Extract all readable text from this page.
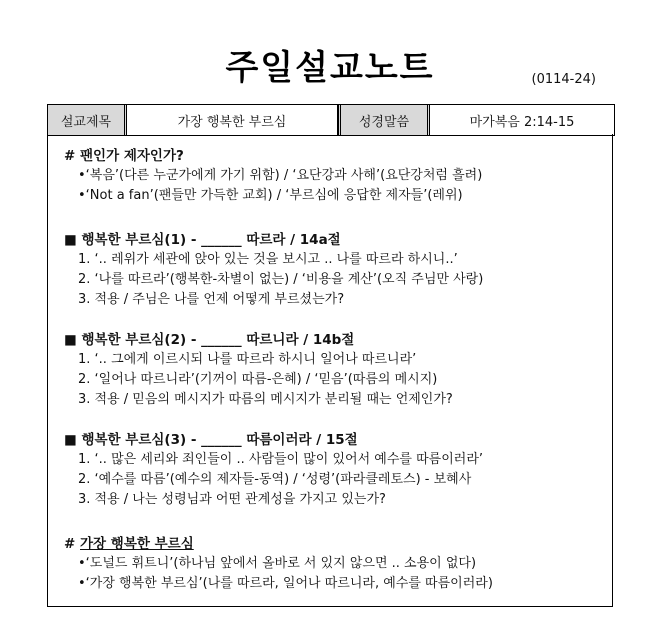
주일설교노트	(0114-24)
설교제목	가장 행복한 부르심	성경말씀	마가복음 2:14-15
# 팬인가 제자인가?
•‘복음’(다른 누군가에게 가기 위함) / ‘요단강과 사해’(요단강처럼 흘려)
•‘Not a fan’(팬들만 가득한 교회) / ‘부르심에 응답한 제자들’(레위)
■ 행복한 부르심(1) - ______ 따르라 / 14a절
1. ‘.. 레위가 세관에 앉아 있는 것을 보시고 .. 나를 따르라 하시니..’
2. ‘나를 따르라’(행복한-차별이 없는) / ‘비용을 계산’(오직 주님만 사랑)
3. 적용 / 주님은 나를 언제 어떻게 부르셨는가?
■ 행복한 부르심(2) - ______ 따르니라 / 14b절
1. ‘.. 그에게 이르시되 나를 따르라 하시니 일어나 따르니라’
2. ‘일어나 따르니라’(기꺼이 따름-은혜) / ‘믿음’(따름의 메시지)
3. 적용 / 믿음의 메시지가 따름의 메시지가 분리될 때는 언제인가?
■ 행복한 부르심(3) - ______ 따름이러라 / 15절
1. ‘.. 많은 세리와 죄인들이 .. 사람들이 많이 있어서 예수를 따름이러라’
2. ‘예수를 따름’(예수의 제자들-동역) / ‘성령’(파라클레토스) - 보혜사
3. 적용 / 나는 성령님과 어떤 관계성을 가지고 있는가?
# 가장 행복한 부르심
•‘도널드 휘트니’(하나님 앞에서 올바로 서 있지 않으면 .. 소용이 없다)
•‘가장 행복한 부르심’(나를 따르라, 일어나 따르니라, 예수를 따름이러라)
